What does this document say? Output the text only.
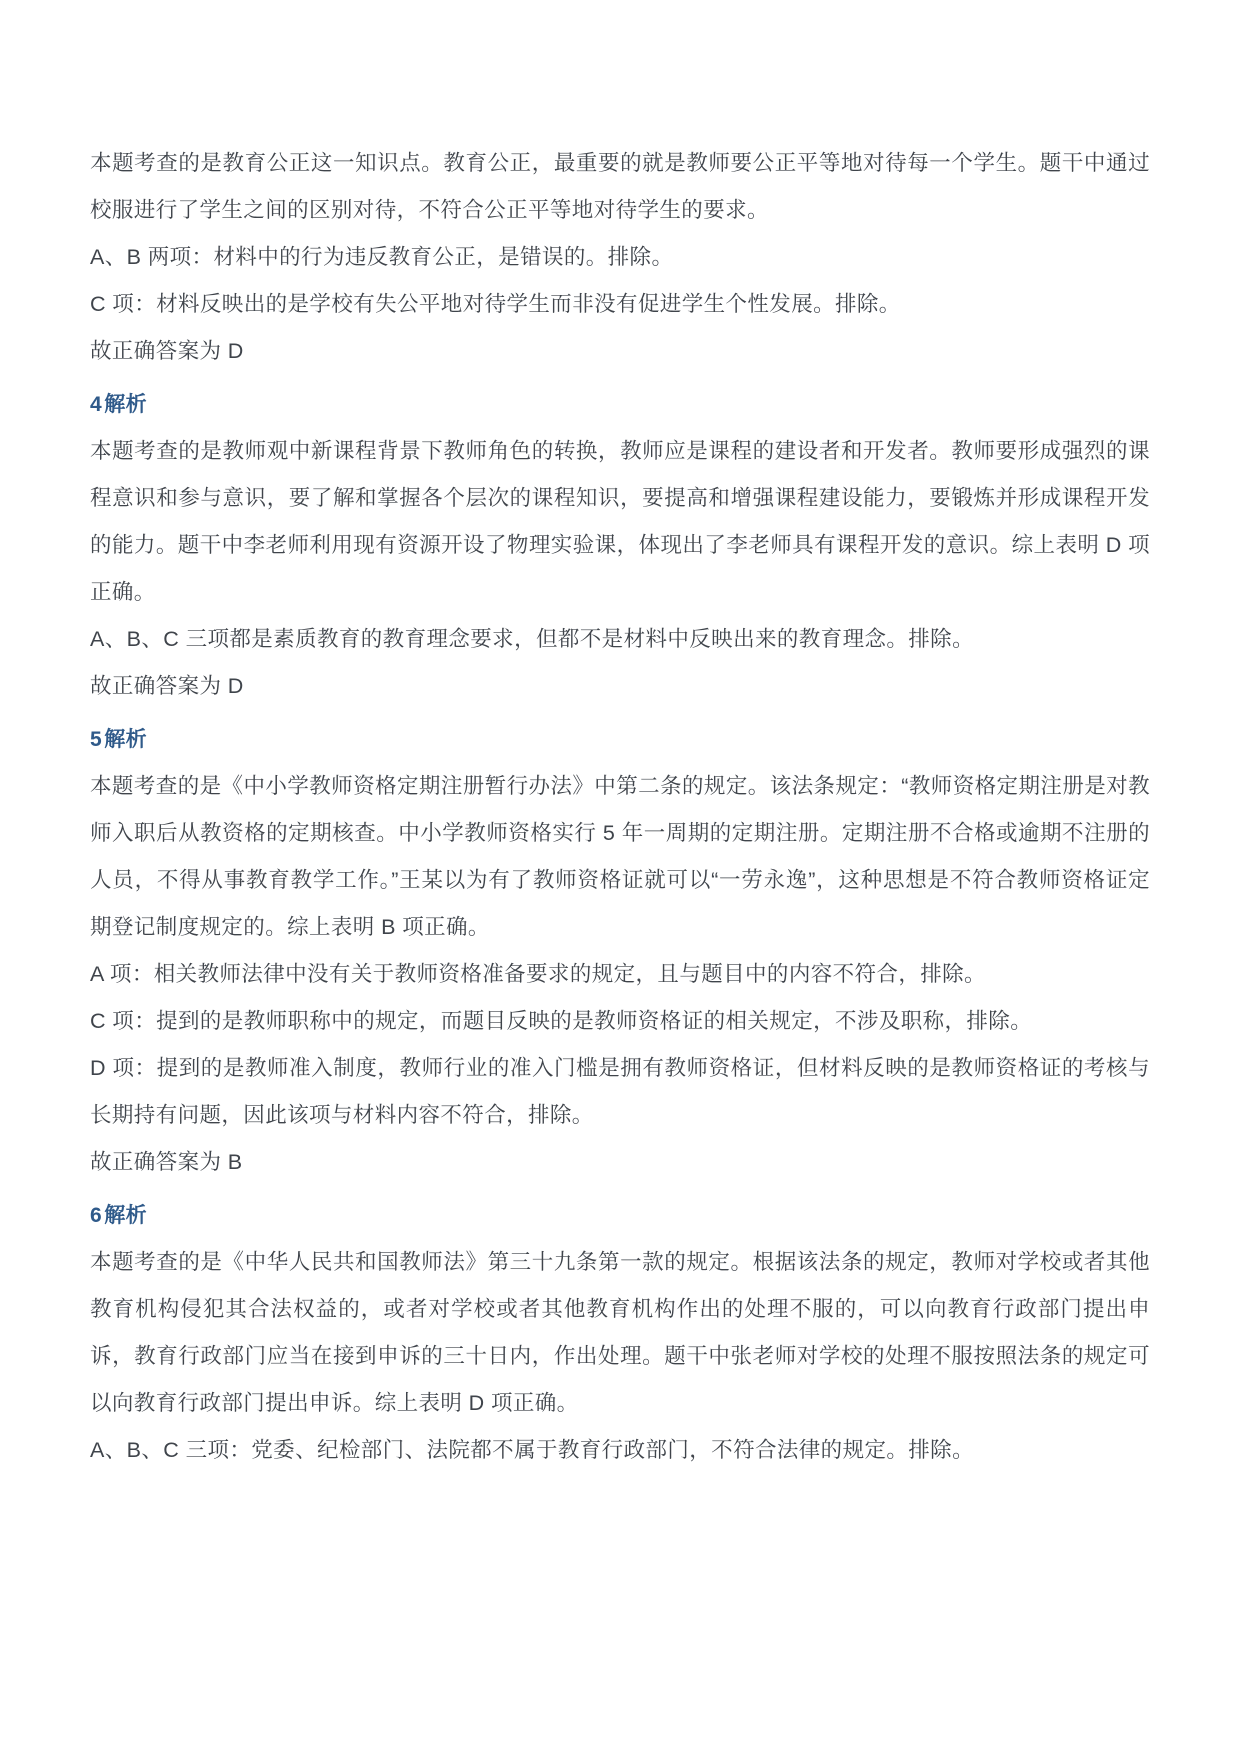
本题考查的是教育公正这一知识点。教育公正，最重要的就是教师要公正平等地对待每一个学生。题干中通过校服进行了学生之间的区别对待，不符合公正平等地对待学生的要求。

A、B 两项：材料中的行为违反教育公正，是错误的。排除。

C 项：材料反映出的是学校有失公平地对待学生而非没有促进学生个性发展。排除。

故正确答案为 D

4解析

本题考查的是教师观中新课程背景下教师角色的转换，教师应是课程的建设者和开发者。教师要形成强烈的课程意识和参与意识，要了解和掌握各个层次的课程知识，要提高和增强课程建设能力，要锻炼并形成课程开发的能力。题干中李老师利用现有资源开设了物理实验课，体现出了李老师具有课程开发的意识。综上表明 D 项正确。

A、B、C 三项都是素质教育的教育理念要求，但都不是材料中反映出来的教育理念。排除。

故正确答案为 D

5解析

本题考查的是《中小学教师资格定期注册暂行办法》中第二条的规定。该法条规定：“教师资格定期注册是对教师入职后从教资格的定期核查。中小学教师资格实行 5 年一周期的定期注册。定期注册不合格或逾期不注册的人员，不得从事教育教学工作。”王某以为有了教师资格证就可以“一劳永逸”，这种思想是不符合教师资格证定期登记制度规定的。综上表明 B 项正确。

A 项：相关教师法律中没有关于教师资格准备要求的规定，且与题目中的内容不符合，排除。

C 项：提到的是教师职称中的规定，而题目反映的是教师资格证的相关规定，不涉及职称，排除。

D 项：提到的是教师准入制度，教师行业的准入门槛是拥有教师资格证，但材料反映的是教师资格证的考核与长期持有问题，因此该项与材料内容不符合，排除。

故正确答案为 B

6解析

本题考查的是《中华人民共和国教师法》第三十九条第一款的规定。根据该法条的规定，教师对学校或者其他教育机构侵犯其合法权益的，或者对学校或者其他教育机构作出的处理不服的，可以向教育行政部门提出申诉，教育行政部门应当在接到申诉的三十日内，作出处理。题干中张老师对学校的处理不服按照法条的规定可以向教育行政部门提出申诉。综上表明 D 项正确。

A、B、C 三项：党委、纪检部门、法院都不属于教育行政部门，不符合法律的规定。排除。
